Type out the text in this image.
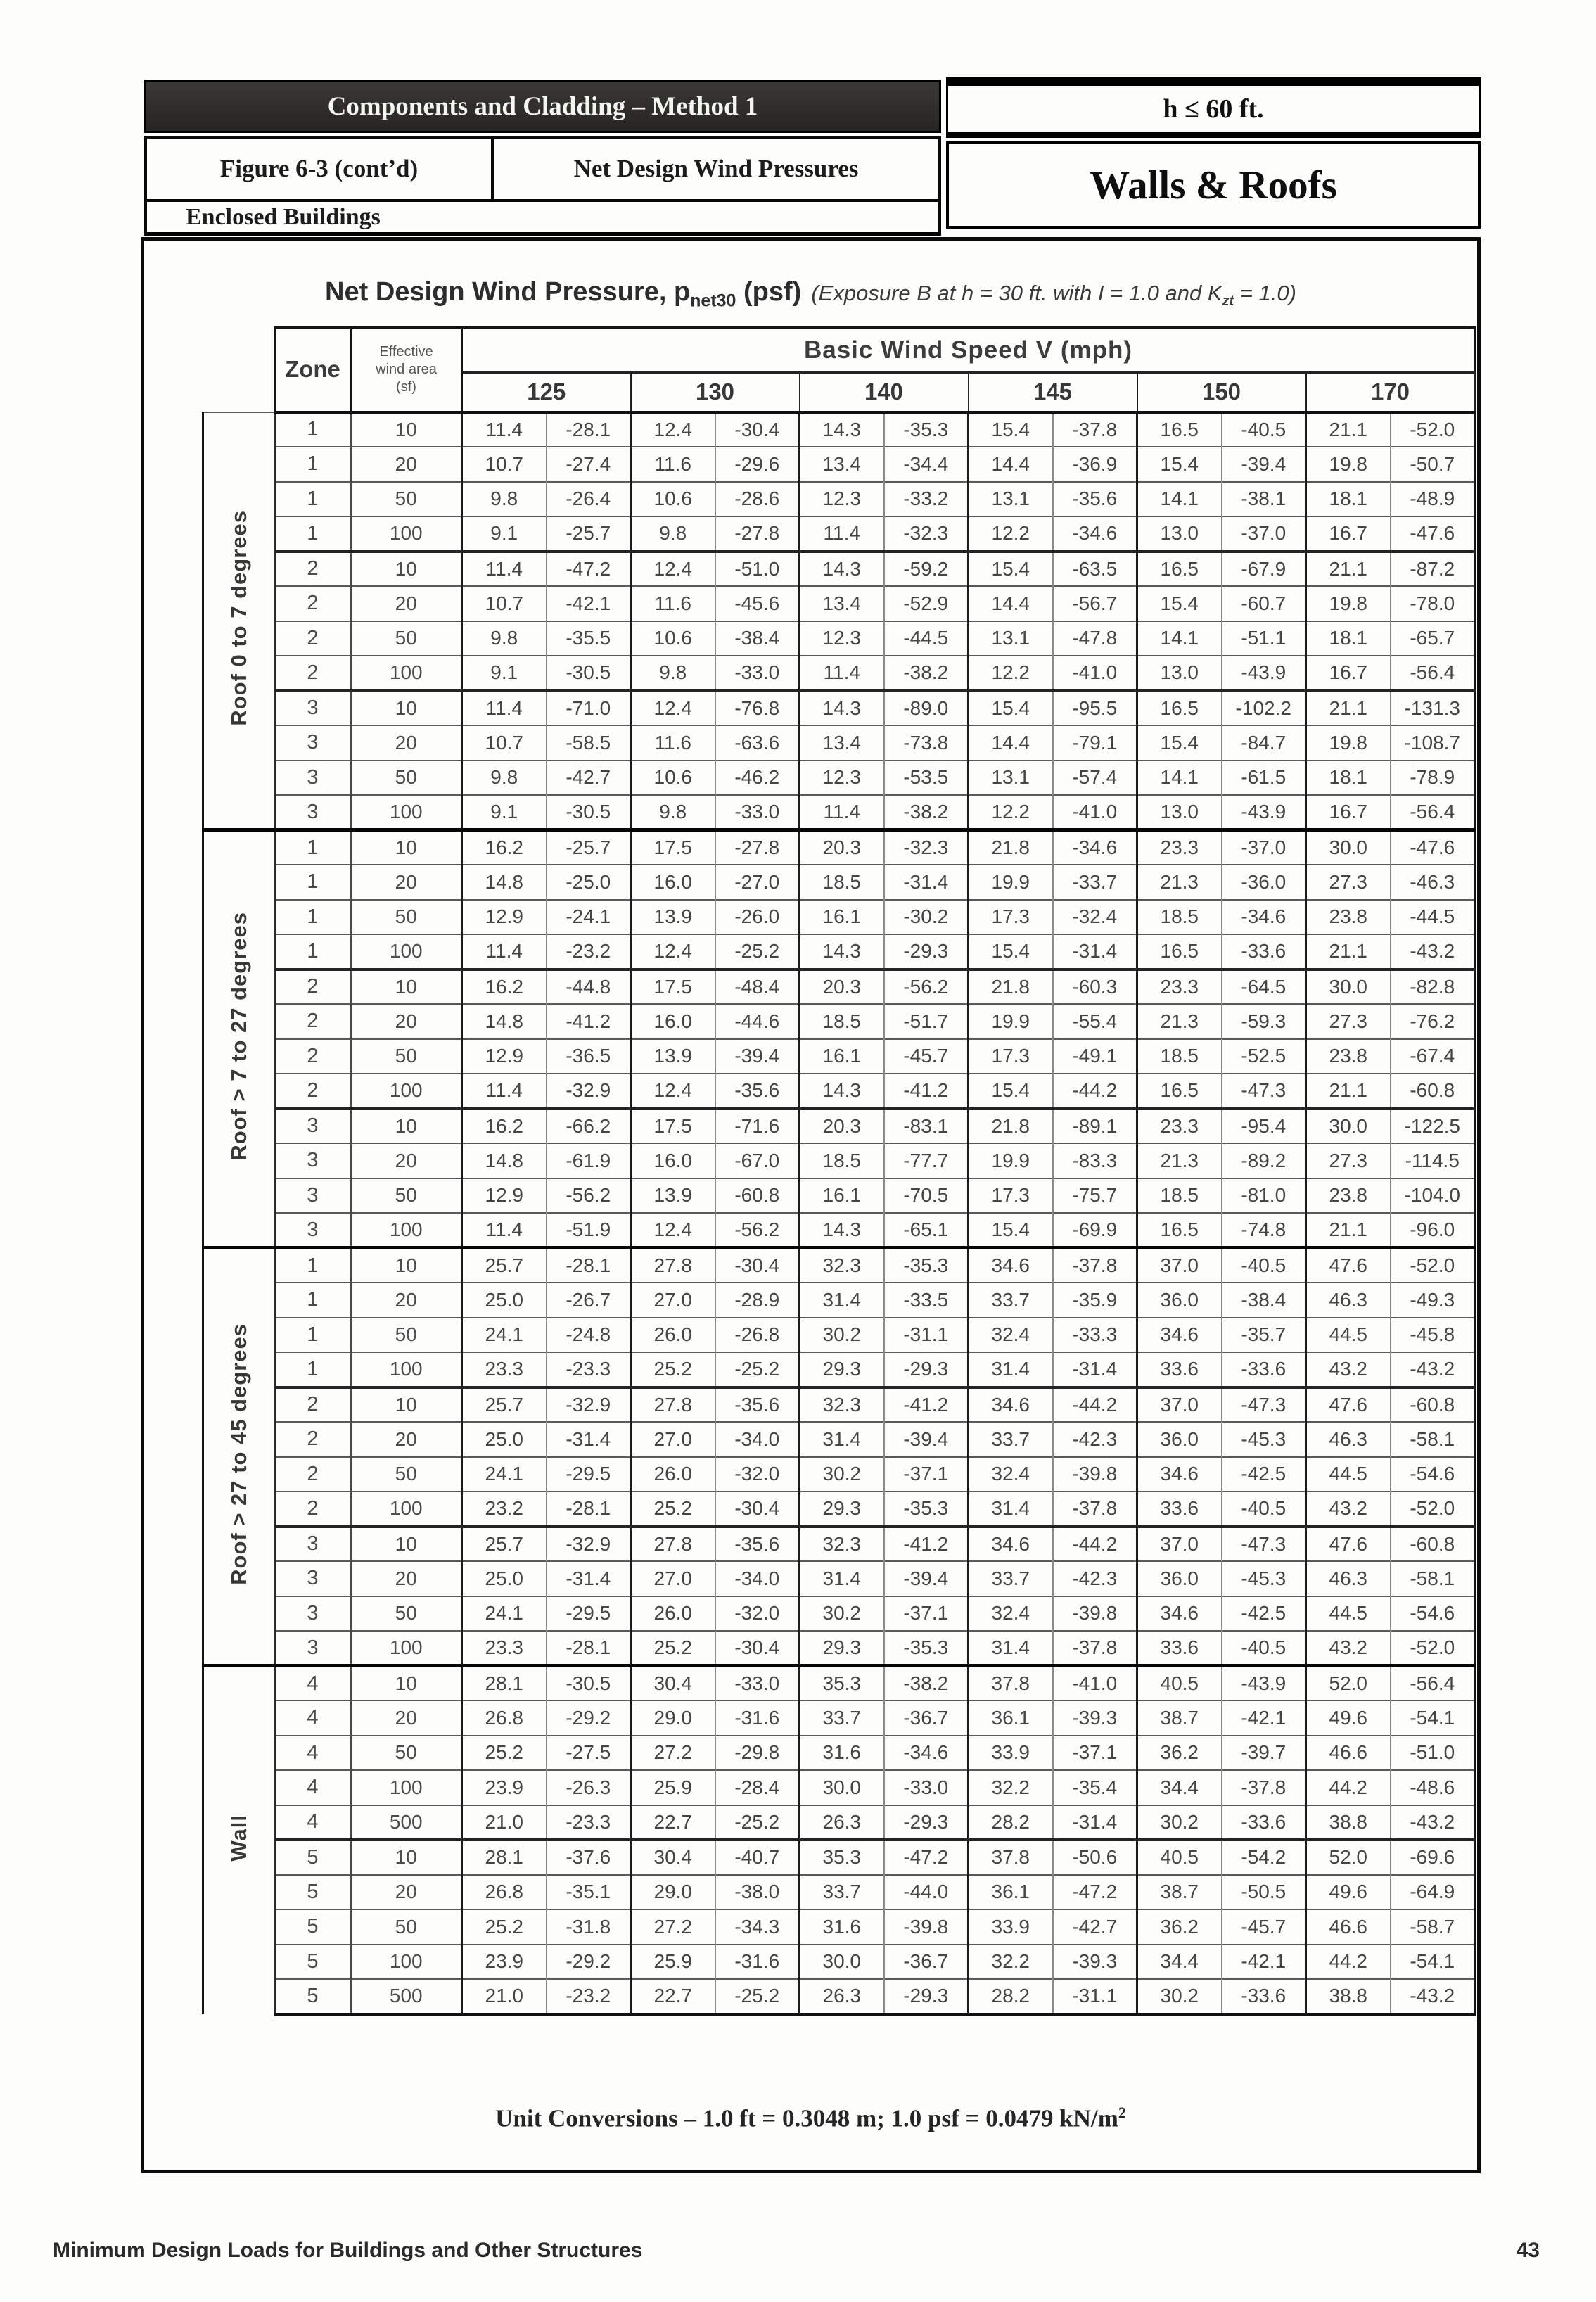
Components and Cladding – Method 1
Figure 6-3 (cont’d)	Net Design Wind Pressures
Enclosed Buildings
h ≤ 60 ft.
Walls & Roofs
Net Design Wind Pressure, $p_{net30}$ (psf) (Exposure B at h = 30 ft. with I = 1.0 and $K_{zt} = 1.0$)
	Zone	Effective
wind area
(sf)	Basic Wind Speed V (mph)											
			125		130		140		145		150		170	
Roof 0 to 7 degrees	1	10	11.4	-28.1	12.4	-30.4	14.3	-35.3	15.4	-37.8	16.5	-40.5	21.1	-52.0
	1	20	10.7	-27.4	11.6	-29.6	13.4	-34.4	14.4	-36.9	15.4	-39.4	19.8	-50.7
	1	50	9.8	-26.4	10.6	-28.6	12.3	-33.2	13.1	-35.6	14.1	-38.1	18.1	-48.9
	1	100	9.1	-25.7	9.8	-27.8	11.4	-32.3	12.2	-34.6	13.0	-37.0	16.7	-47.6
	2	10	11.4	-47.2	12.4	-51.0	14.3	-59.2	15.4	-63.5	16.5	-67.9	21.1	-87.2
	2	20	10.7	-42.1	11.6	-45.6	13.4	-52.9	14.4	-56.7	15.4	-60.7	19.8	-78.0
	2	50	9.8	-35.5	10.6	-38.4	12.3	-44.5	13.1	-47.8	14.1	-51.1	18.1	-65.7
	2	100	9.1	-30.5	9.8	-33.0	11.4	-38.2	12.2	-41.0	13.0	-43.9	16.7	-56.4
	3	10	11.4	-71.0	12.4	-76.8	14.3	-89.0	15.4	-95.5	16.5	-102.2	21.1	-131.3
	3	20	10.7	-58.5	11.6	-63.6	13.4	-73.8	14.4	-79.1	15.4	-84.7	19.8	-108.7
	3	50	9.8	-42.7	10.6	-46.2	12.3	-53.5	13.1	-57.4	14.1	-61.5	18.1	-78.9
	3	100	9.1	-30.5	9.8	-33.0	11.4	-38.2	12.2	-41.0	13.0	-43.9	16.7	-56.4
Roof > 7 to 27 degrees	1	10	16.2	-25.7	17.5	-27.8	20.3	-32.3	21.8	-34.6	23.3	-37.0	30.0	-47.6
	1	20	14.8	-25.0	16.0	-27.0	18.5	-31.4	19.9	-33.7	21.3	-36.0	27.3	-46.3
	1	50	12.9	-24.1	13.9	-26.0	16.1	-30.2	17.3	-32.4	18.5	-34.6	23.8	-44.5
	1	100	11.4	-23.2	12.4	-25.2	14.3	-29.3	15.4	-31.4	16.5	-33.6	21.1	-43.2
	2	10	16.2	-44.8	17.5	-48.4	20.3	-56.2	21.8	-60.3	23.3	-64.5	30.0	-82.8
	2	20	14.8	-41.2	16.0	-44.6	18.5	-51.7	19.9	-55.4	21.3	-59.3	27.3	-76.2
	2	50	12.9	-36.5	13.9	-39.4	16.1	-45.7	17.3	-49.1	18.5	-52.5	23.8	-67.4
	2	100	11.4	-32.9	12.4	-35.6	14.3	-41.2	15.4	-44.2	16.5	-47.3	21.1	-60.8
	3	10	16.2	-66.2	17.5	-71.6	20.3	-83.1	21.8	-89.1	23.3	-95.4	30.0	-122.5
	3	20	14.8	-61.9	16.0	-67.0	18.5	-77.7	19.9	-83.3	21.3	-89.2	27.3	-114.5
	3	50	12.9	-56.2	13.9	-60.8	16.1	-70.5	17.3	-75.7	18.5	-81.0	23.8	-104.0
	3	100	11.4	-51.9	12.4	-56.2	14.3	-65.1	15.4	-69.9	16.5	-74.8	21.1	-96.0
Roof > 27 to 45 degrees	1	10	25.7	-28.1	27.8	-30.4	32.3	-35.3	34.6	-37.8	37.0	-40.5	47.6	-52.0
	1	20	25.0	-26.7	27.0	-28.9	31.4	-33.5	33.7	-35.9	36.0	-38.4	46.3	-49.3
	1	50	24.1	-24.8	26.0	-26.8	30.2	-31.1	32.4	-33.3	34.6	-35.7	44.5	-45.8
	1	100	23.3	-23.3	25.2	-25.2	29.3	-29.3	31.4	-31.4	33.6	-33.6	43.2	-43.2
	2	10	25.7	-32.9	27.8	-35.6	32.3	-41.2	34.6	-44.2	37.0	-47.3	47.6	-60.8
	2	20	25.0	-31.4	27.0	-34.0	31.4	-39.4	33.7	-42.3	36.0	-45.3	46.3	-58.1
	2	50	24.1	-29.5	26.0	-32.0	30.2	-37.1	32.4	-39.8	34.6	-42.5	44.5	-54.6
	2	100	23.2	-28.1	25.2	-30.4	29.3	-35.3	31.4	-37.8	33.6	-40.5	43.2	-52.0
	3	10	25.7	-32.9	27.8	-35.6	32.3	-41.2	34.6	-44.2	37.0	-47.3	47.6	-60.8
	3	20	25.0	-31.4	27.0	-34.0	31.4	-39.4	33.7	-42.3	36.0	-45.3	46.3	-58.1
	3	50	24.1	-29.5	26.0	-32.0	30.2	-37.1	32.4	-39.8	34.6	-42.5	44.5	-54.6
	3	100	23.3	-28.1	25.2	-30.4	29.3	-35.3	31.4	-37.8	33.6	-40.5	43.2	-52.0
Wall	4	10	28.1	-30.5	30.4	-33.0	35.3	-38.2	37.8	-41.0	40.5	-43.9	52.0	-56.4
	4	20	26.8	-29.2	29.0	-31.6	33.7	-36.7	36.1	-39.3	38.7	-42.1	49.6	-54.1
	4	50	25.2	-27.5	27.2	-29.8	31.6	-34.6	33.9	-37.1	36.2	-39.7	46.6	-51.0
	4	100	23.9	-26.3	25.9	-28.4	30.0	-33.0	32.2	-35.4	34.4	-37.8	44.2	-48.6
	4	500	21.0	-23.3	22.7	-25.2	26.3	-29.3	28.2	-31.4	30.2	-33.6	38.8	-43.2
	5	10	28.1	-37.6	30.4	-40.7	35.3	-47.2	37.8	-50.6	40.5	-54.2	52.0	-69.6
	5	20	26.8	-35.1	29.0	-38.0	33.7	-44.0	36.1	-47.2	38.7	-50.5	49.6	-64.9
	5	50	25.2	-31.8	27.2	-34.3	31.6	-39.8	33.9	-42.7	36.2	-45.7	46.6	-58.7
	5	100	23.9	-29.2	25.9	-31.6	30.0	-36.7	32.2	-39.3	34.4	-42.1	44.2	-54.1
	5	500	21.0	-23.2	22.7	-25.2	26.3	-29.3	28.2	-31.1	30.2	-33.6	38.8	-43.2
Unit Conversions – 1.0 ft = 0.3048 m; 1.0 psf = 0.0479 $kN/m^2$
Minimum Design Loads for Buildings and Other Structures	43
